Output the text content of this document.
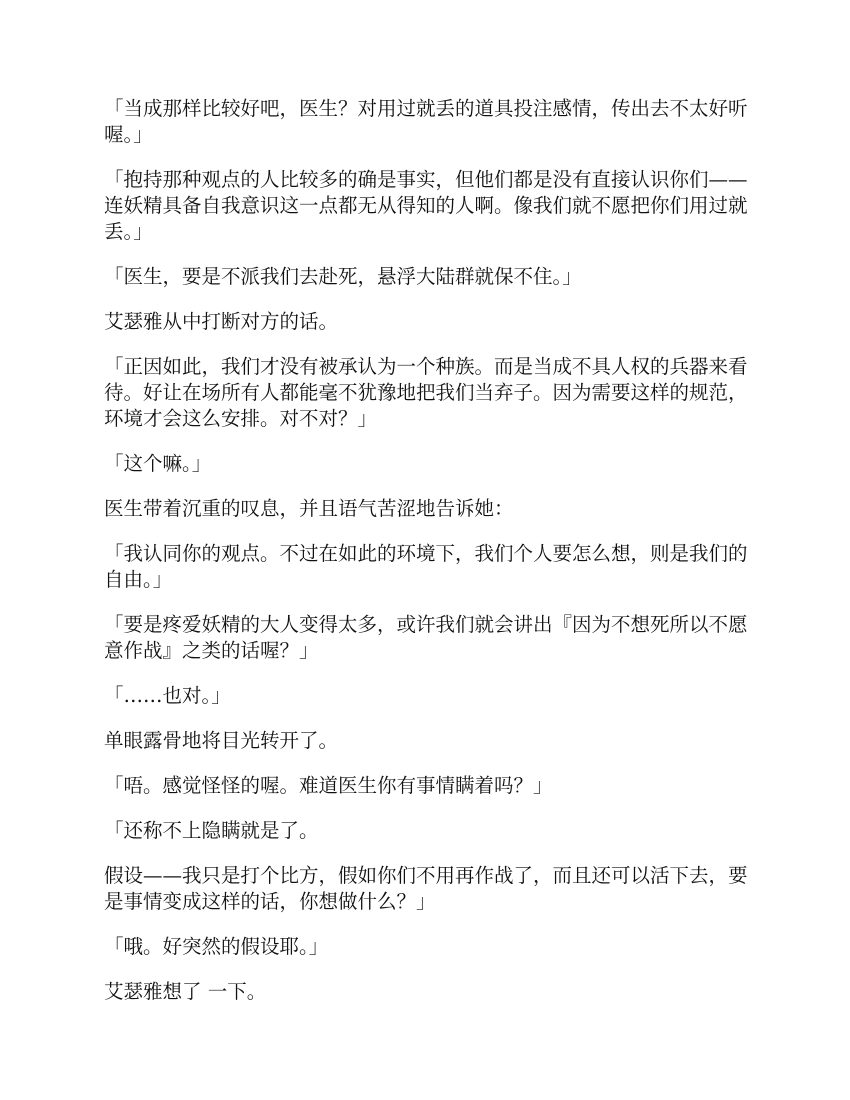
「当成那样比较好吧，医生？对用过就丢的道具投注感情，传出去不太好听喔。」

「抱持那种观点的人比较多的确是事实，但他们都是没有直接认识你们——连妖精具备自我意识这一点都无从得知的人啊。像我们就不愿把你们用过就丢。」

「医生，要是不派我们去赴死，悬浮大陆群就保不住。」

艾瑟雅从中打断对方的话。

「正因如此，我们才没有被承认为一个种族。而是当成不具人权的兵器来看待。好让在场所有人都能毫不犹豫地把我们当弃子。因为需要这样的规范，环境才会这么安排。对不对？」

「这个嘛。」

医生带着沉重的叹息，并且语气苦涩地告诉她：

「我认同你的观点。不过在如此的环境下，我们个人要怎么想，则是我们的自由。」

「要是疼爱妖精的大人变得太多，或许我们就会讲出『因为不想死所以不愿意作战』之类的话喔？」

「……也对。」

单眼露骨地将目光转开了。

「唔。感觉怪怪的喔。难道医生你有事情瞒着吗？」

「还称不上隐瞒就是了。

假设——我只是打个比方，假如你们不用再作战了，而且还可以活下去，要是事情变成这样的话，你想做什么？」

「哦。好突然的假设耶。」

艾瑟雅想了 一下。
